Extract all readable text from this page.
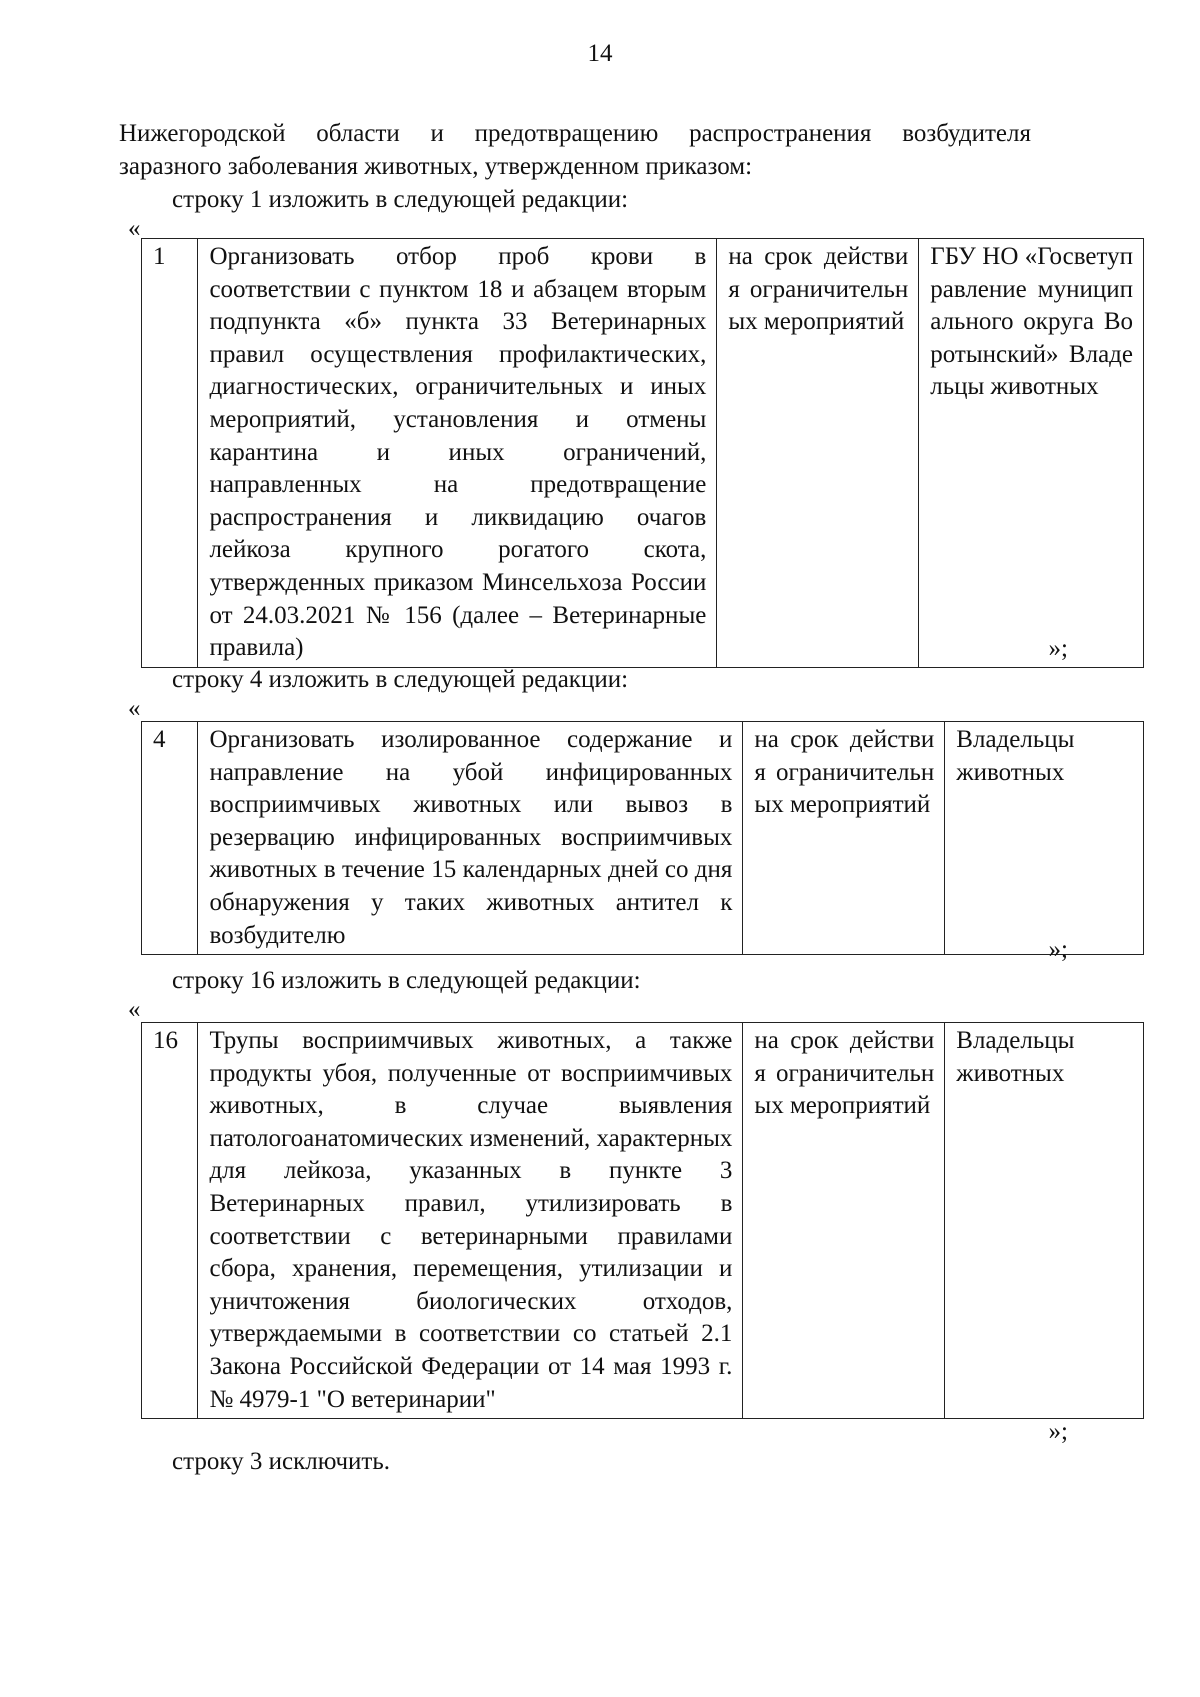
14

Нижегородской области и предотвращению распространения возбудителя

заразного заболевания животных, утвержденном приказом:

строку 1 изложить в следующей редакции:

«
1	Организовать отбор проб крови в соответствии с пунктом 18 и абзацем вторым подпункта «б» пункта 33 Ветеринарных правил осуществления профилактических, диагностических, ограничительных и иных мероприятий, установления и отмены карантина и иных ограничений, направленных на предотвращение распространения и ликвидацию очагов лейкоза крупного рогатого скота, утвержденных приказом Минсельхоза России от 24.03.2021 № 156 (далее – Ветеринарные правила)	на срок действия ограничительных мероприятий	ГБУ НО «Госветуправление муниципального округа Воротынский» Владельцы животных
»;

строку 4 изложить в следующей редакции:

«
4	Организовать изолированное содержание и направление на убой инфицированных восприимчивых животных или вывоз в резервацию инфицированных восприимчивых животных в течение 15 календарных дней со дня обнаружения у таких животных антител к возбудителю	на срок действия ограничительных мероприятий	Владельцы животных
»;

строку 16 изложить в следующей редакции:

«
16	Трупы восприимчивых животных, а также продукты убоя, полученные от восприимчивых животных, в случае выявления патологоанатомических изменений, характерных для лейкоза, указанных в пункте 3 Ветеринарных правил, утилизировать в соответствии с ветеринарными правилами сбора, хранения, перемещения, утилизации и уничтожения биологических отходов, утверждаемыми в соответствии со статьей 2.1 Закона Российской Федерации от 14 мая 1993 г. № 4979-1 "О ветеринарии"	на срок действия ограничительных мероприятий	Владельцы животных
»;

строку 3 исключить.
